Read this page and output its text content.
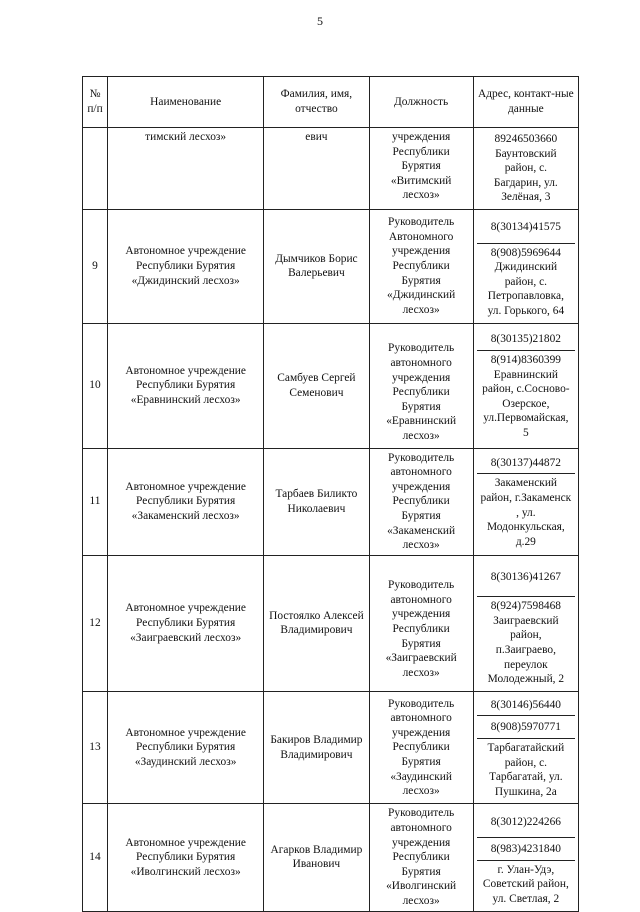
5
№ п/п	Наименование	Фамилия, имя, отчество	Должность	Адрес, контакт-ные данные
	тимский лесхоз»	евич	учреждения Республики Бурятия «Витимский лесхоз»	89246503660 Баунтовский район, с. Багдарин, ул. Зелёная, 3

9	Автономное учреждение Республики Бурятия «Джидинский лесхоз»	Дымчиков Борис Валерьевич	Руководитель Автономного учреждения Республики Бурятия «Джидинский лесхоз»	8(30134)41575
8(908)5969644 Джидинский район, с. Петропавловка, ул. Горького, 64

10	Автономное учреждение Республики Бурятия «Еравнинский лесхоз»	Самбуев Сергей Семенович	Руководитель автономного учреждения Республики Бурятия «Еравнинский лесхоз»	8(30135)21802
8(914)8360399 Еравнинский район, с.Сосново-Озерское, ул.Первомайская, 5

11	Автономное учреждение Республики Бурятия «Закаменский лесхоз»	Тарбаев Биликто Николаевич	Руководитель автономного учреждения Республики Бурятия «Закаменский лесхоз»	8(30137)44872
Закаменский район, г.Закаменск , ул. Модонкульская, д.29

12	Автономное учреждение Республики Бурятия «Заиграевский лесхоз»	Постоялко Алексей Владимирович	Руководитель автономного учреждения Республики Бурятия «Заиграевский лесхоз»	8(30136)41267
8(924)7598468 Заиграевский район, п.Заиграево, переулок Молодежный, 2

13	Автономное учреждение Республики Бурятия «Заудинский лесхоз»	Бакиров Владимир Владимирович	Руководитель автономного учреждения Республики Бурятия «Заудинский лесхоз»	8(30146)56440
8(908)5970771
Тарбагатайский район, с. Тарбагатай, ул. Пушкина, 2а

14	Автономное учреждение Республики Бурятия «Иволгинский лесхоз»	Агарков Владимир Иванович	Руководитель автономного учреждения Республики Бурятия «Иволгинский лесхоз»	8(3012)224266
8(983)4231840
г. Улан-Удэ, Советский район, ул. Светлая, 2
